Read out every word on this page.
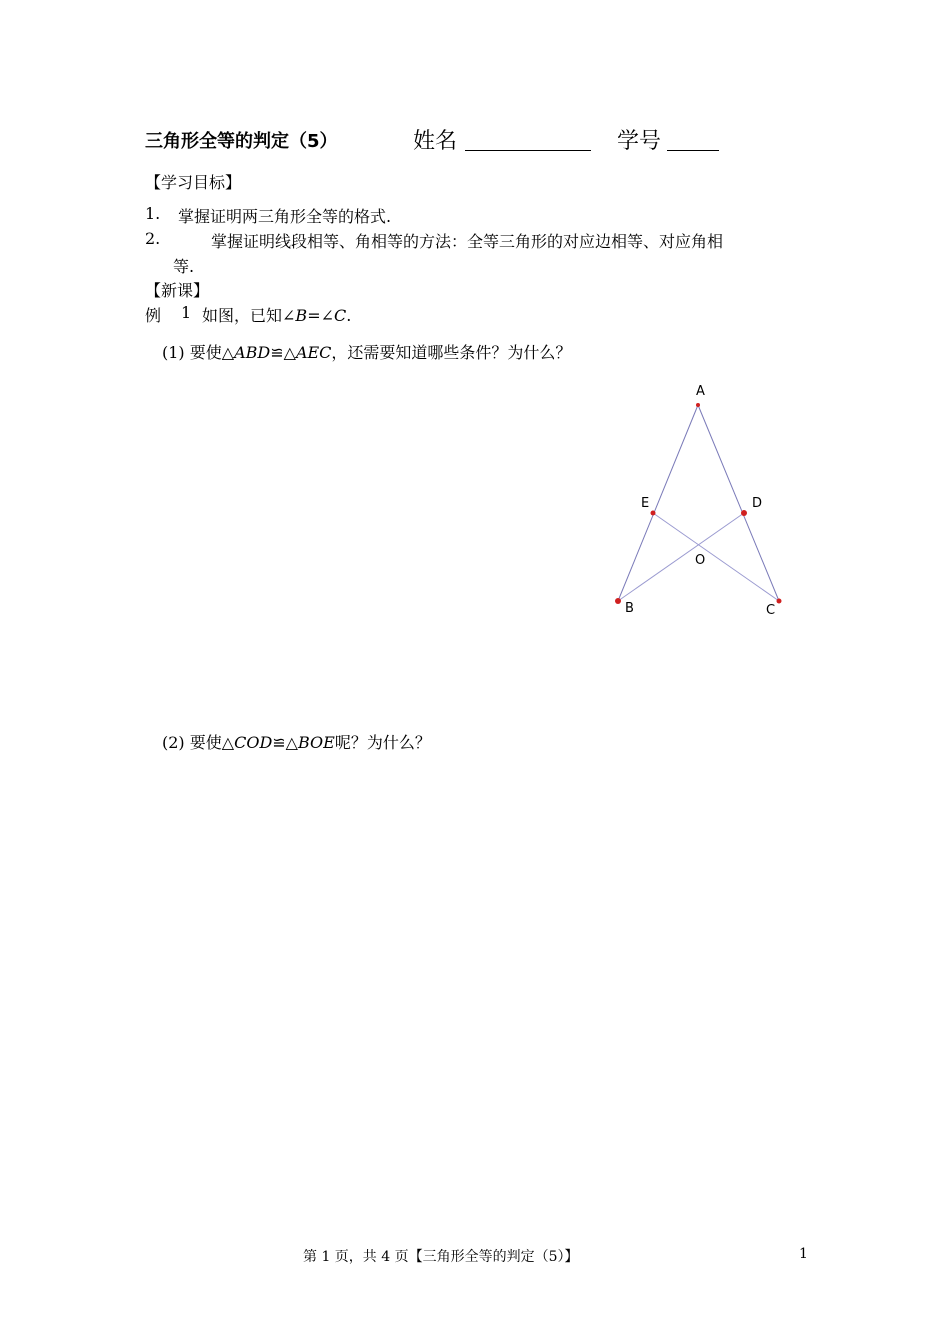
三角形全等的判定（5）	姓名	学号
【学习目标】
1. 掌握证明两三角形全等的格式.
2.	掌握证明线段相等、角相等的方法：全等三角形的对应边相等、对应角相
等.
【新课】
例 1 如图，已知∠B=∠C.
(1) 要使△ABD≌△AEC，还需要知道哪些条件？为什么？
A
E	D
O
B	C
(2) 要使△COD≌△BOE呢？为什么？
第 1 页，共 4 页【三角形全等的判定（5）】	1
